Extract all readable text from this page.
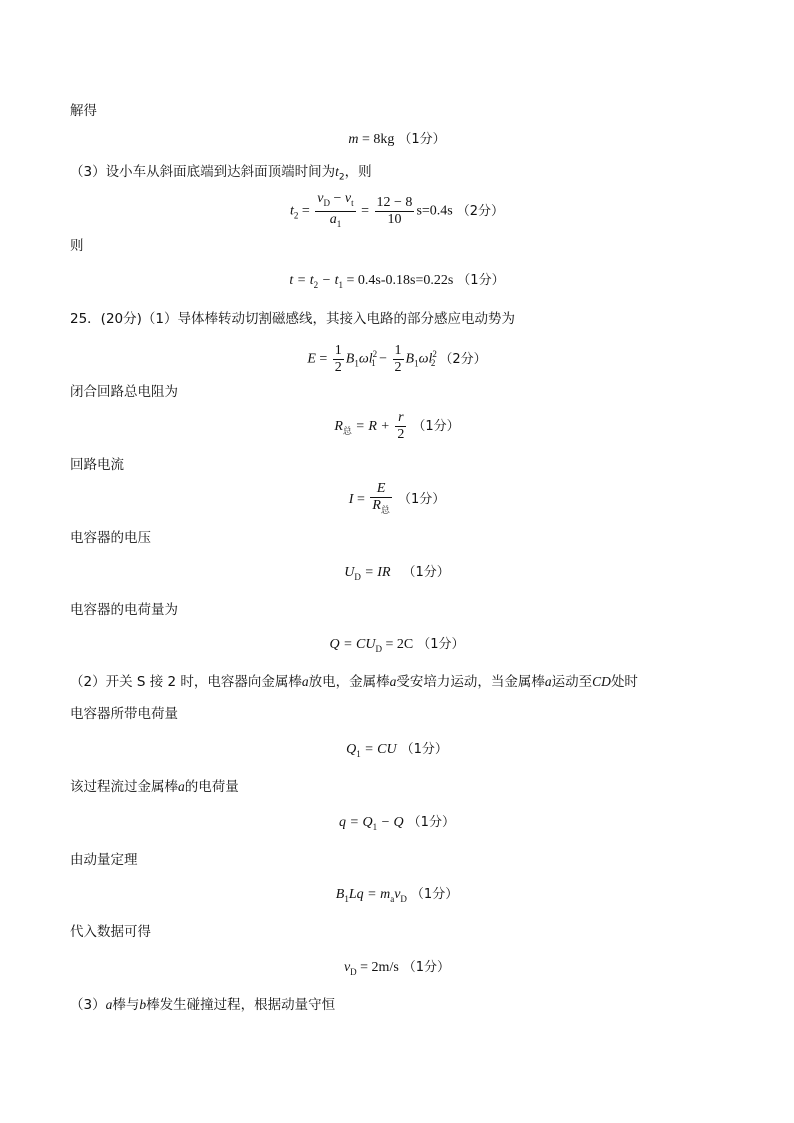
解得
m = 8kg （1分）
（3）设小车从斜面底端到达斜面顶端时间为$t_2$，则
$t_2 = \frac{v_D - v_t}{a_1} = \frac{12 - 8}{10} s=0.4s$ （2分）
则
$t = t_2 - t_1 = 0.4s-0.18s=0.22s$ （1分）
25．(20分)（1）导体棒转动切割磁感线，其接入电路的部分感应电动势为
$E = \frac{1}{2} B_1\omega l^2_1 - \frac{1}{2} B_1\omega l^2_2$ （2分）
闭合回路总电阻为
$R_总 = R + \frac{r}{2} (1$分）
回路电流
$I = \frac{E}{R_总} (1$分）
电容器的电压
$U_D$ = IR （1分）
电容器的电荷量为
$Q = CU_D = 2C$ （1分）
（2）开关 S 接 2 时，电容器向金属棒a放电，金属棒a受安培力运动，当金属棒a运动至CD处时
电容器所带电荷量
$Q_1$ = CU （1分）
该过程流过金属棒a的电荷量
$q = Q_1 - Q$ （1分）
由动量定理
$B_1Lq = m_av_D$ （1分）
代入数据可得
$v_D = 2m/s$ （1分）
（3）a棒与b棒发生碰撞过程，根据动量守恒
